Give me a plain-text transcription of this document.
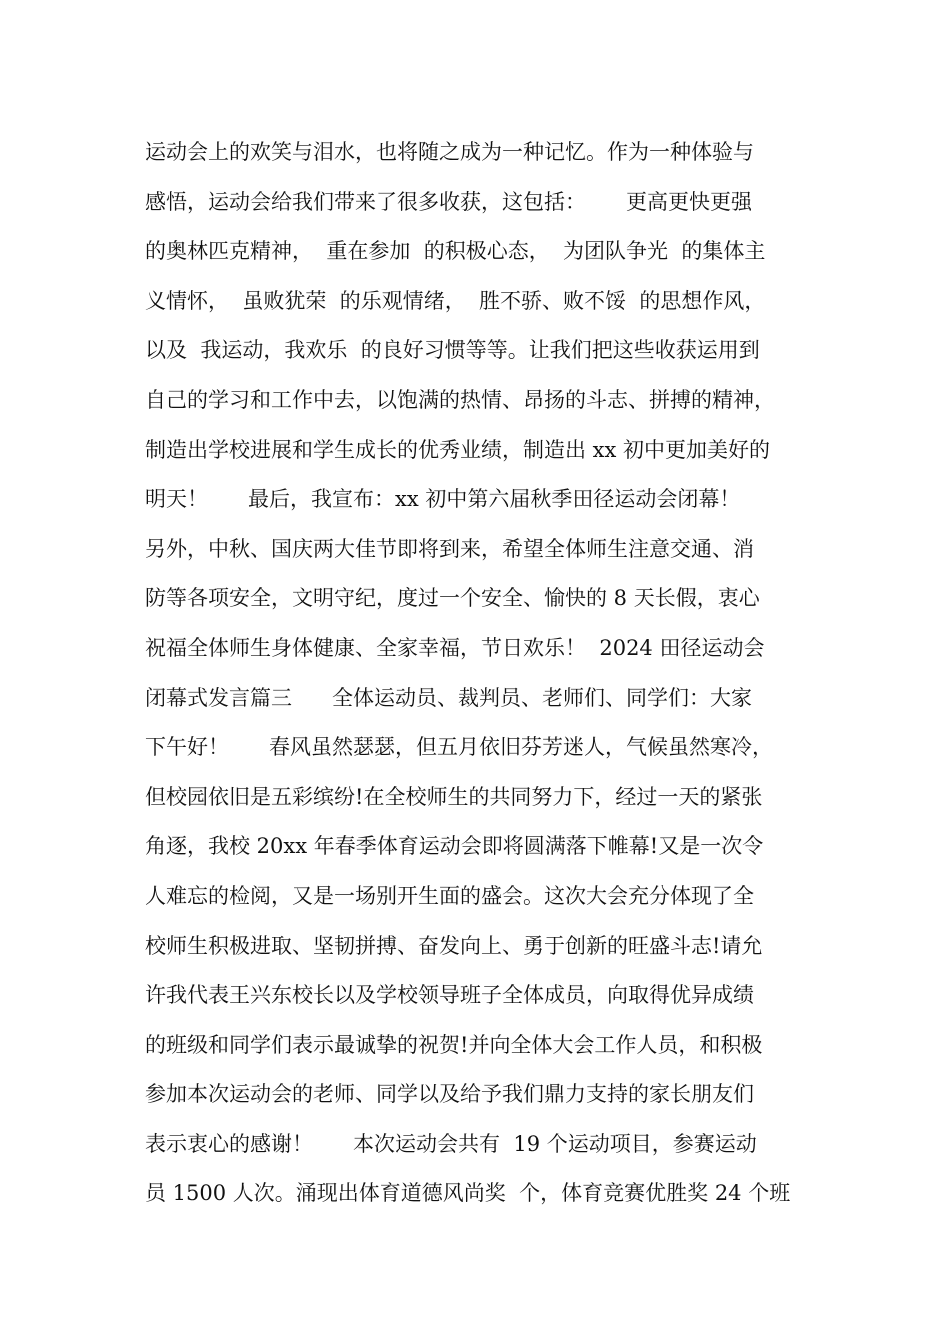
运动会上的欢笑与泪水，也将随之成为一种记忆。作为一种体验与
感悟，运动会给我们带来了很多收获，这包括：      更高更快更强
的奥林匹克精神，  重在参加  的积极心态，  为团队争光  的集体主
义情怀，  虽败犹荣  的乐观情绪，  胜不骄、败不馁  的思想作风，
以及  我运动，我欢乐  的良好习惯等等。让我们把这些收获运用到
自己的学习和工作中去，以饱满的热情、昂扬的斗志、拼搏的精神，
制造出学校进展和学生成长的优秀业绩，制造出 xx 初中更加美好的
明天！      最后，我宣布：xx 初中第六届秋季田径运动会闭幕！
另外，中秋、国庆两大佳节即将到来，希望全体师生注意交通、消
防等各项安全，文明守纪，度过一个安全、愉快的 8 天长假，衷心
祝福全体师生身体健康、全家幸福，节日欢乐！  2024 田径运动会
闭幕式发言篇三      全体运动员、裁判员、老师们、同学们：大家
下午好！      春风虽然瑟瑟，但五月依旧芬芳迷人，气候虽然寒冷，
但校园依旧是五彩缤纷!在全校师生的共同努力下，经过一天的紧张
角逐，我校 20xx 年春季体育运动会即将圆满落下帷幕!又是一次令
人难忘的检阅，又是一场别开生面的盛会。这次大会充分体现了全
校师生积极进取、坚韧拼搏、奋发向上、勇于创新的旺盛斗志!请允
许我代表王兴东校长以及学校领导班子全体成员，向取得优异成绩
的班级和同学们表示最诚挚的祝贺!并向全体大会工作人员，和积极
参加本次运动会的老师、同学以及给予我们鼎力支持的家长朋友们
表示衷心的感谢！      本次运动会共有  19 个运动项目，参赛运动
员 1500 人次。涌现出体育道德风尚奖  个，体育竞赛优胜奖 24 个班
